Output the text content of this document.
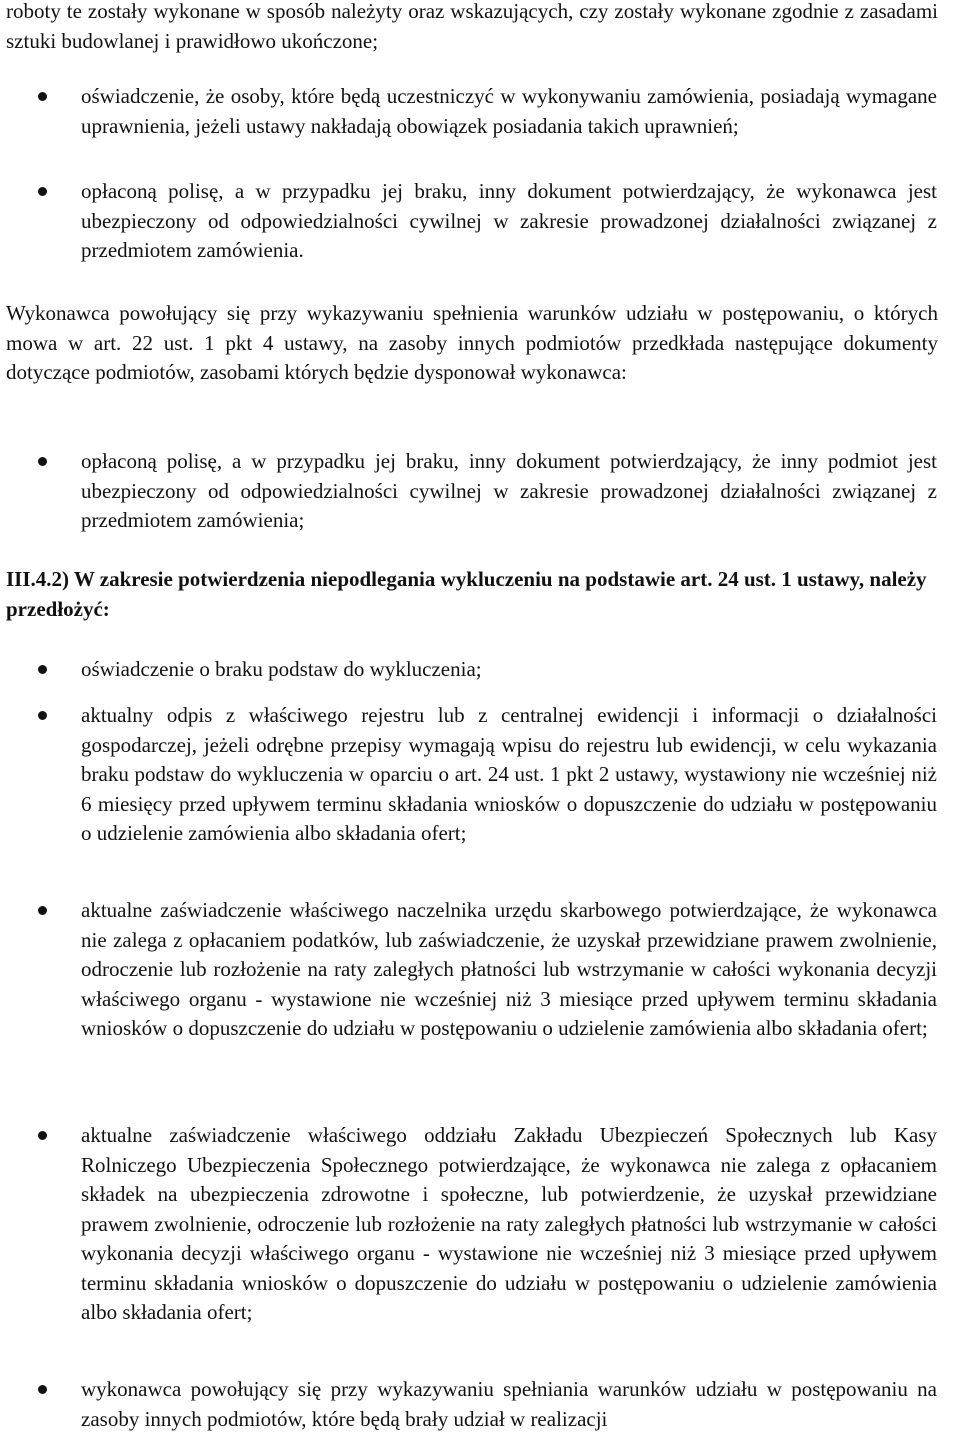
roboty te zostały wykonane w sposób należyty oraz wskazujących, czy zostały wykonane zgodnie z zasadami sztuki budowlanej i prawidłowo ukończone;

oświadczenie, że osoby, które będą uczestniczyć w wykonywaniu zamówienia, posiadają wymagane uprawnienia, jeżeli ustawy nakładają obowiązek posiadania takich uprawnień;

opłaconą polisę, a w przypadku jej braku, inny dokument potwierdzający, że wykonawca jest ubezpieczony od odpowiedzialności cywilnej w zakresie prowadzonej działalności związanej z przedmiotem zamówienia.

Wykonawca powołujący się przy wykazywaniu spełnienia warunków udziału w postępowaniu, o których mowa w art. 22 ust. 1 pkt 4 ustawy, na zasoby innych podmiotów przedkłada następujące dokumenty dotyczące podmiotów, zasobami których będzie dysponował wykonawca:

opłaconą polisę, a w przypadku jej braku, inny dokument potwierdzający, że inny podmiot jest ubezpieczony od odpowiedzialności cywilnej w zakresie prowadzonej działalności związanej z przedmiotem zamówienia;

III.4.2) W zakresie potwierdzenia niepodlegania wykluczeniu na podstawie art. 24 ust. 1 ustawy, należy przedłożyć:

oświadczenie o braku podstaw do wykluczenia;

aktualny odpis z właściwego rejestru lub z centralnej ewidencji i informacji o działalności gospodarczej, jeżeli odrębne przepisy wymagają wpisu do rejestru lub ewidencji, w celu wykazania braku podstaw do wykluczenia w oparciu o art. 24 ust. 1 pkt 2 ustawy, wystawiony nie wcześniej niż 6 miesięcy przed upływem terminu składania wniosków o dopuszczenie do udziału w postępowaniu o udzielenie zamówienia albo składania ofert;

aktualne zaświadczenie właściwego naczelnika urzędu skarbowego potwierdzające, że wykonawca nie zalega z opłacaniem podatków, lub zaświadczenie, że uzyskał przewidziane prawem zwolnienie, odroczenie lub rozłożenie na raty zaległych płatności lub wstrzymanie w całości wykonania decyzji właściwego organu - wystawione nie wcześniej niż 3 miesiące przed upływem terminu składania wniosków o dopuszczenie do udziału w postępowaniu o udzielenie zamówienia albo składania ofert;

aktualne zaświadczenie właściwego oddziału Zakładu Ubezpieczeń Społecznych lub Kasy Rolniczego Ubezpieczenia Społecznego potwierdzające, że wykonawca nie zalega z opłacaniem składek na ubezpieczenia zdrowotne i społeczne, lub potwierdzenie, że uzyskał przewidziane prawem zwolnienie, odroczenie lub rozłożenie na raty zaległych płatności lub wstrzymanie w całości wykonania decyzji właściwego organu - wystawione nie wcześniej niż 3 miesiące przed upływem terminu składania wniosków o dopuszczenie do udziału w postępowaniu o udzielenie zamówienia albo składania ofert;

wykonawca powołujący się przy wykazywaniu spełniania warunków udziału w postępowaniu na zasoby innych podmiotów, które będą brały udział w realizacji
